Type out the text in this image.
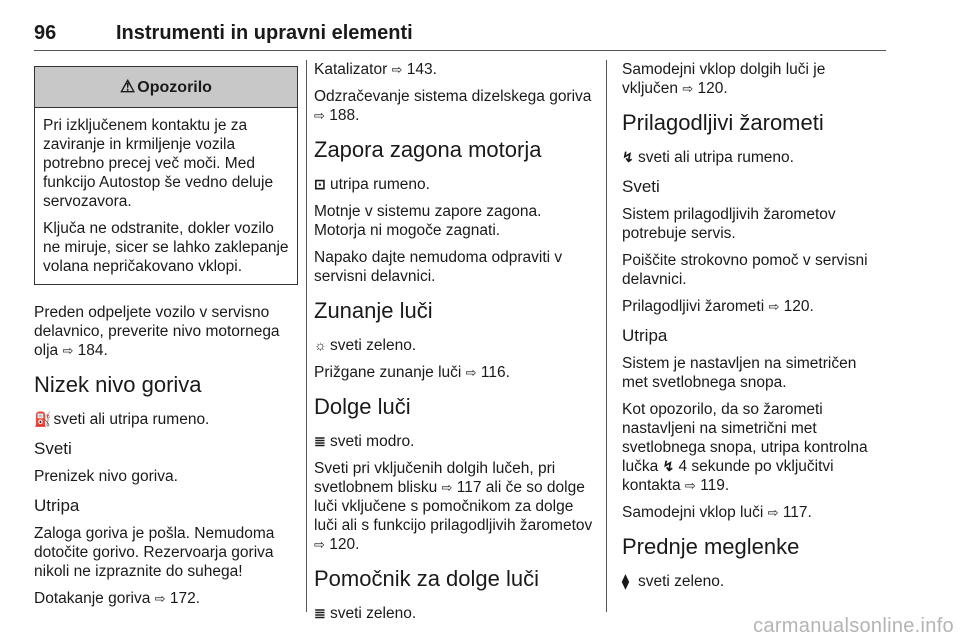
96	Instrumenti in upravni elementi
⚠ Opozorilo

Pri izključenem kontaktu je za zaviranje in krmiljenje vozila potrebno precej več moči. Med funkcijo Autostop še vedno deluje servozavora.

Ključa ne odstranite, dokler vozilo ne miruje, sicer se lahko zaklepanje volana nepričakovano vklopi.

Preden odpeljete vozilo v servisno delavnico, preverite nivo motornega olja ⇨ 184.

Nizek nivo goriva

⛽ sveti ali utripa rumeno.

Sveti

Prenizek nivo goriva.

Utripa

Zaloga goriva je pošla. Nemudoma dotočite gorivo. Rezervoarja goriva nikoli ne izpraznite do suhega!

Dotakanje goriva ⇨ 172.

Katalizator ⇨ 143.

Odzračevanje sistema dizelskega goriva ⇨ 188.

Zapora zagona motorja

⊡ utripa rumeno.

Motnje v sistemu zapore zagona. Motorja ni mogoče zagnati.

Napako dajte nemudoma odpraviti v servisni delavnici.

Zunanje luči

☼ sveti zeleno.

Prižgane zunanje luči ⇨ 116.

Dolge luči

≣ sveti modro.

Sveti pri vključenih dolgih lučeh, pri svetlobnem blisku ⇨ 117 ali če so dolge luči vključene s pomočnikom za dolge luči ali s funkcijo prilagodljivih žarometov ⇨ 120.

Pomočnik za dolge luči

≣ sveti zeleno.

Samodejni vklop dolgih luči je vključen ⇨ 120.

Prilagodljivi žarometi

↯ sveti ali utripa rumeno.

Sveti

Sistem prilagodljivih žarometov potrebuje servis.

Poiščite strokovno pomoč v servisni delavnici.

Prilagodljivi žarometi ⇨ 120.

Utripa

Sistem je nastavljen na simetričen met svetlobnega snopa.

Kot opozorilo, da so žarometi nastavljeni na simetrični met svetlobnega snopa, utripa kontrolna lučka ↯ 4 sekunde po vključitvi kontakta ⇨ 119.

Samodejni vklop luči ⇨ 117.

Prednje meglenke

⧫ sveti zeleno.

carmanualsonline.info
